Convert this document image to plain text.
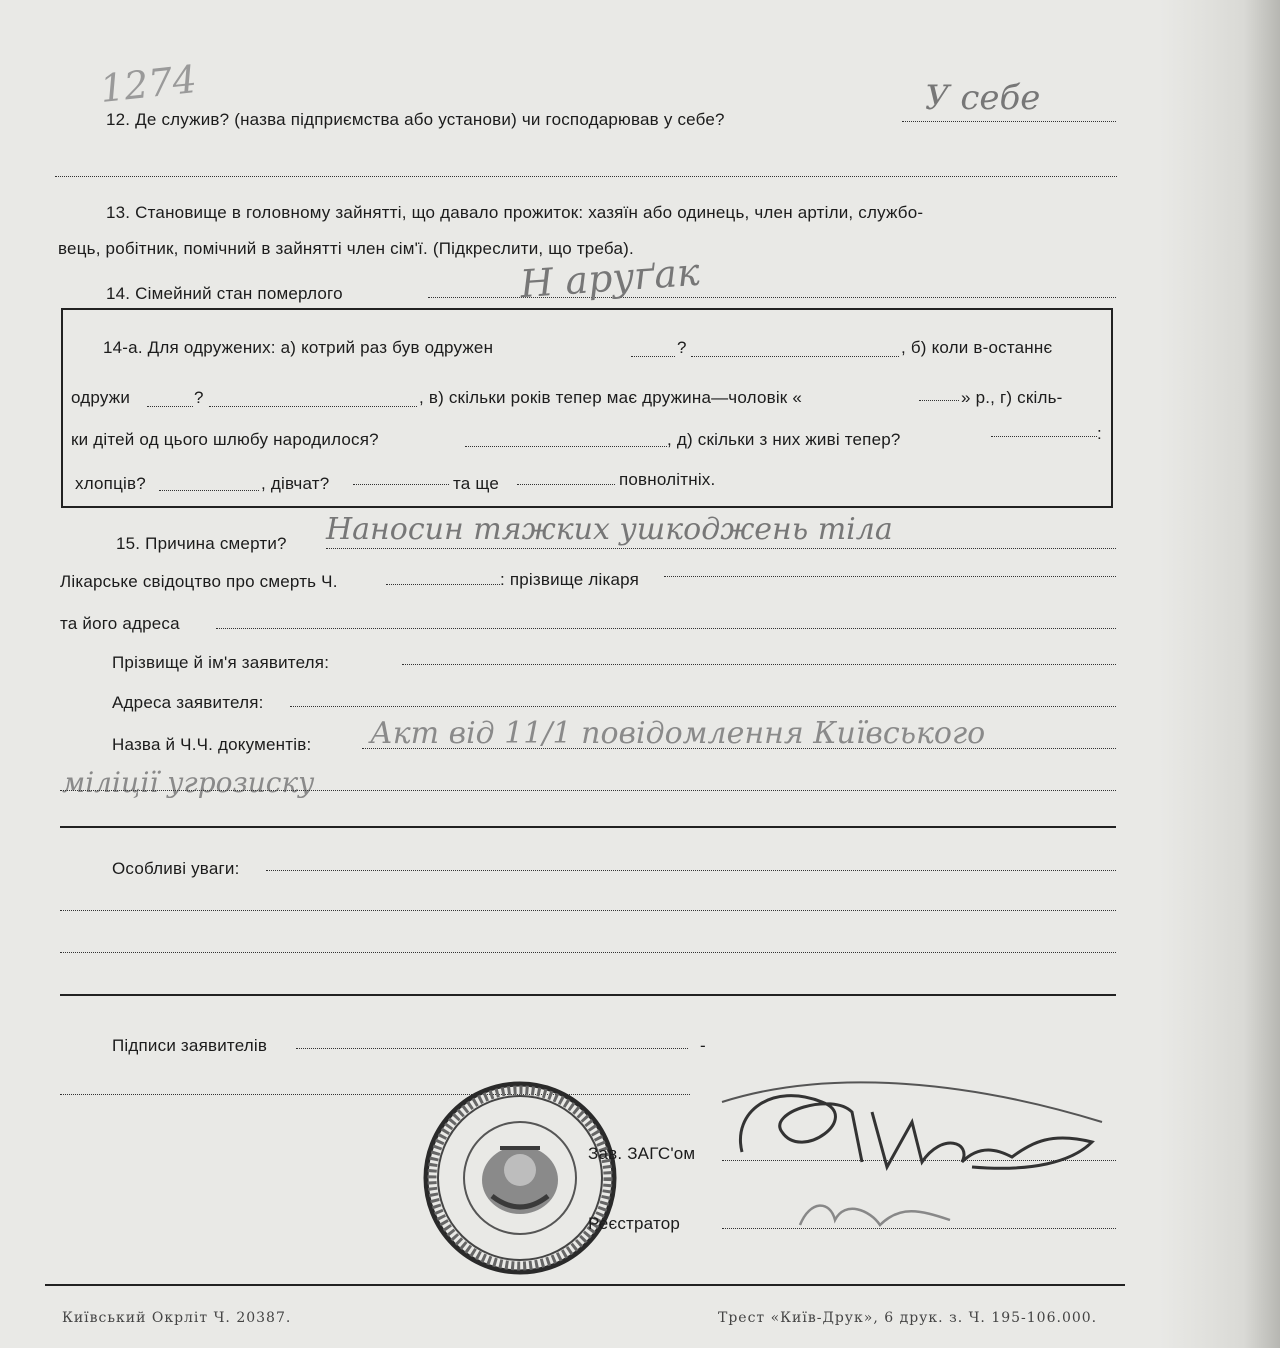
1274
12. Де служив? (назва підприємства або установи) чи господарював у себе?
У себе
13. Становище в головному зайнятті, що давало прожиток: хазяїн або одинець, член артіли, службо-
вець, робітник, помічний в зайнятті член сім'ї. (Підкреслити, що треба).
14. Сімейний стан померлого	Н аруґак
14-а. Для одружених: а) котрий раз був одружен	?	, б) коли в-останнє
одружи	?	, в) скільки років тепер має дружина—чоловік «	» р., г) скіль-
ки дітей од цього шлюбу народилося?	, д) скільки з них живі тепер?	:
хлопців?	, дівчат?	та ще	повнолітніх.
15. Причина смерти? Наносин тяжких ушкоджень тіла
Лікарське свідоцтво про смерть Ч.	: прізвище лікаря
та його адреса
Прізвище й ім'я заявителя:
Адреса заявителя:
Назва й Ч.Ч. документів: Акт від 11/1 повідомлення Київського
міліції угрозиску
Особливі уваги:
Підписи заявителів	-
Зав. ЗАГС'ом
Реєстратор
Київський Окрліт Ч. 20387.	Трест «Київ-Друк», 6 друк. з. Ч. 195-106.000.
